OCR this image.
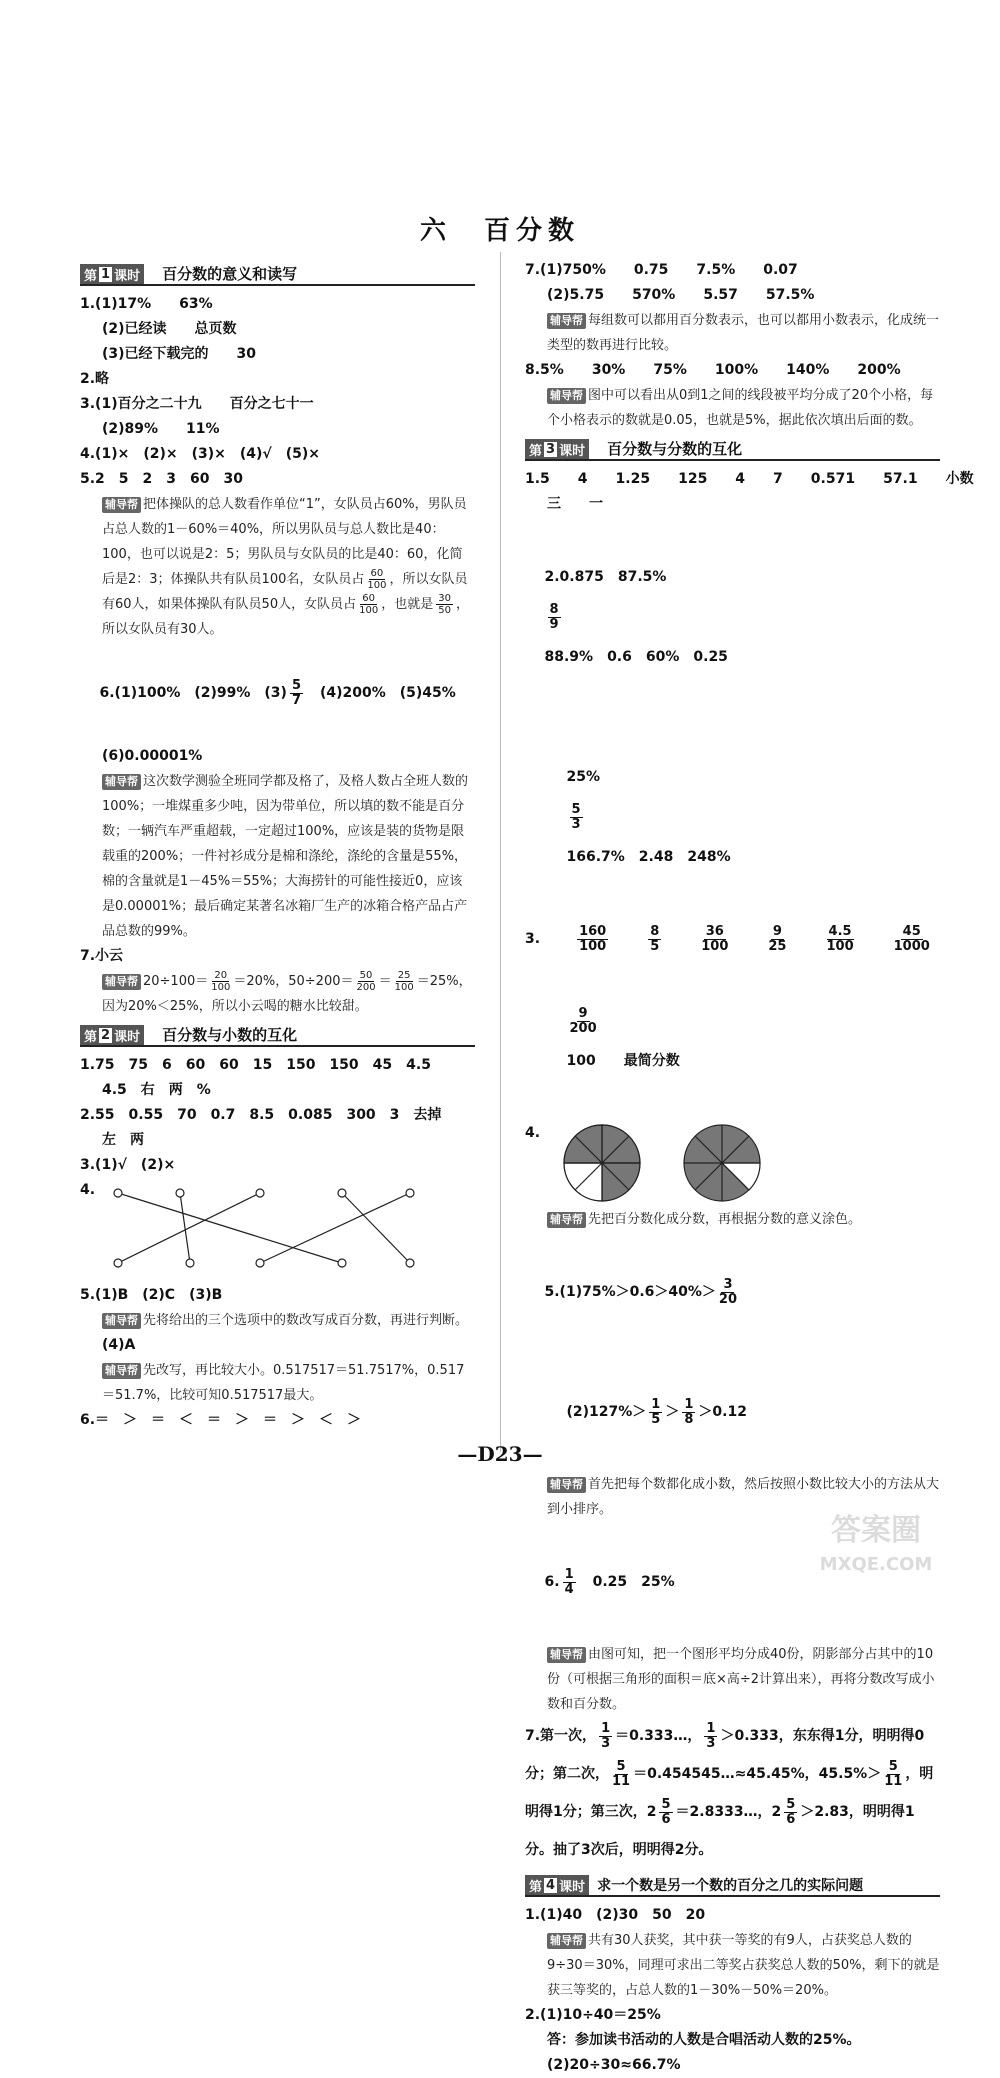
六　百分数
第 1 课时 百分数的意义和读写
1.(1)17%　　63%
(2)已经读　　总页数
(3)已经下载完的　　30
2.略
3.(1)百分之二十九　　百分之七十一
(2)89%　　11%
4.(1)×　(2)×　(3)×　(4)√　(5)×
5.2　5　2　3　60　30
辅导帮 把体操队的总人数看作单位“1”，女队员占60%，男队员占总人数的1－60%＝40%，所以男队员与总人数比是40：100，也可以说是2：5；男队员与女队员的比是40：60，化简后是2：3；体操队共有队员100名，女队员占 $\frac{60}{100}$ ，所以女队员有60人，如果体操队有队员50人，女队员占 $\frac{60}{100}$ ，也就是 $\frac{30}{50}$ ，所以女队员有30人。

6.(1)100%　(2)99%　$(3) \frac{5}{7}$ 　(4)200%　(5)45%

(6)0.00001%
辅导帮 这次数学测验全班同学都及格了，及格人数占全班人数的100%；一堆煤重多少吨，因为带单位，所以填的数不能是百分数；一辆汽车严重超载，一定超过100%，应该是装的货物是限载重的200%；一件衬衫成分是棉和涤纶，涤纶的含量是55%，棉的含量就是1－45%＝55%；大海捞针的可能性接近0，应该是0.00001%；最后确定某著名冰箱厂生产的冰箱合格产品占产品总数的99%。
7.小云
辅导帮 $20\div 100= \frac{20}{100} =20\%$，$50\div 200= \frac{50}{200} = \frac{25}{100} =25\%$，因为20%＜25%，所以小云喝的糖水比较甜。
第 2 课时 百分数与小数的互化
1.75　75　6　60　60　15　150　150　45　4.5
4.5　右　两　%
2.55　0.55　70　0.7　8.5　0.085　300　3　去掉
左　两
3.(1)√　(2)×
4.
5.(1)B　(2)C　(3)B
辅导帮 先将给出的三个选项中的数改写成百分数，再进行判断。
(4)A
辅导帮 先改写，再比较大小。0.517517＝51.7517%，0.517＝51.7%，比较可知0.517517最大。
6.＝　＞　＝　＜　＝　＞　＝　＞　＜　＞
7.(1)750%　　0.75　　7.5%　　0.07
(2)5.75　　570%　　5.57　　57.5%
辅导帮 每组数可以都用百分数表示，也可以都用小数表示，化成统一类型的数再进行比较。
8.5%　　30%　　75%　　100%　　140%　　200%
辅导帮 图中可以看出从0到1之间的线段被平均分成了20个小格，每个小格表示的数就是0.05，也就是5%，据此依次填出后面的数。
第 3 课时 百分数与分数的互化
1.5　　4　　1.25　　125　　4　　7　　0.571　　57.1　　小数
三　　一

2.0.875　87.5%

$\frac{8}{9}$

88.9%　0.6　60%　0.25

25%

$\frac{5}{3}$

166.7%　2.48　248%

3.	$\frac{160}{100}$	$\frac{8}{5}$	$\frac{36}{100}$	$\frac{9}{25}$	$\frac{4.5}{100}$	$\frac{45}{1000}$

$\frac{9}{200}$

100　　最简分数

4.
辅导帮 先把百分数化成分数，再根据分数的意义涂色。

$5.(1)75\%>0.6>40\%> \frac{3}{20}$

$(2)127\%> \frac{1}{5} > \frac{1}{8} >0.12$

辅导帮 首先把每个数都化成小数，然后按照小数比较大小的方法从大到小排序。

6. $\frac{1}{4}$
　 0.25　25%

辅导帮 由图可知，把一个图形平均分成40份，阴影部分占其中的10份（可根据三角形的面积＝底×高÷2计算出来），再将分数改写成小数和百分数。
7.第一次， $\frac{1}{3}$ ＝0.333…， $\frac{1}{3} >0.333$，东东得1分，明明得0分；第二次， $\frac{5}{11}$ ＝0.454545…≈45.45%，$45.5\%> \frac{5}{11}$ ，明明得1分；第三次，$2 \frac{5}{6}$ ＝2.8333…，$2 \frac{5}{6} >2.83$，明明得1分。抽了3次后，明明得2分。
第 4 课时 求一个数是另一个数的百分之几的实际问题
1.(1)40　(2)30　50　20
辅导帮 共有30人获奖，其中获一等奖的有9人，占获奖总人数的9÷30＝30%，同理可求出二等奖占获奖总人数的50%，剩下的就是获三等奖的，占总人数的1－30%－50%＝20%。
2.(1)10÷40＝25%
答：参加读书活动的人数是合唱活动人数的25%。
(2)20÷30≈66.7%
—D23—
答案圈
MXQE.COM
